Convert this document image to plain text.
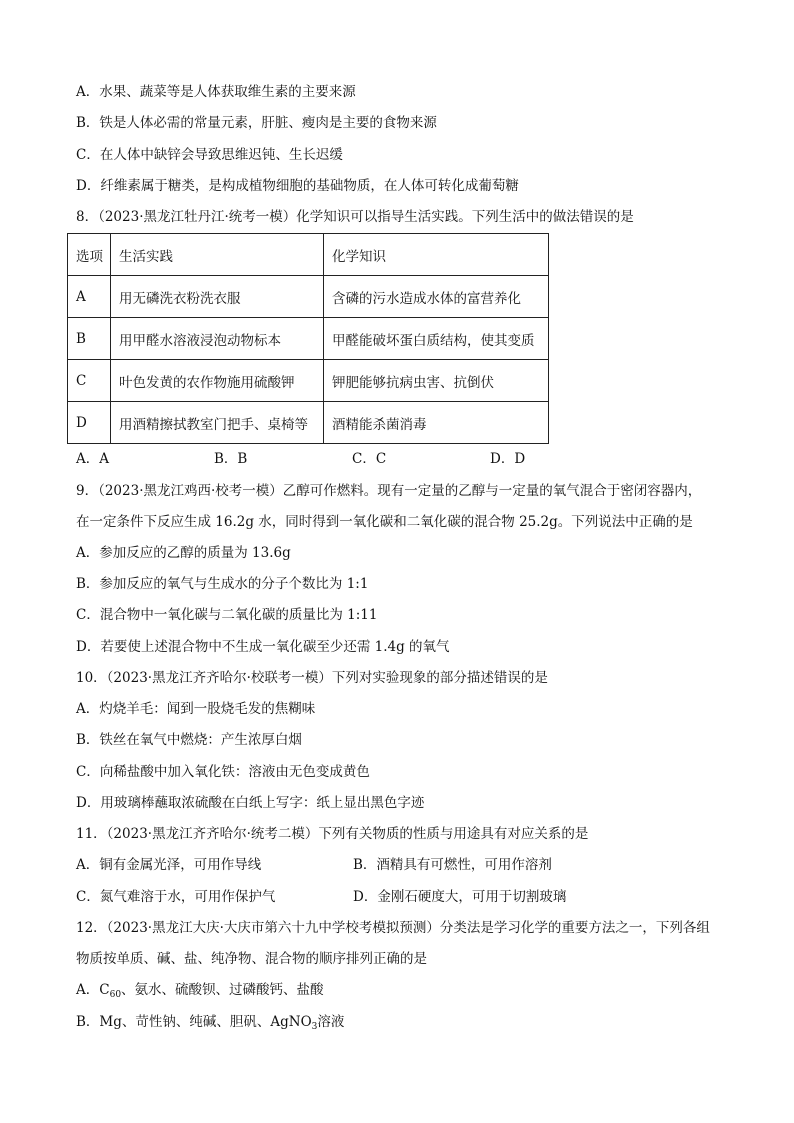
A．水果、蔬菜等是人体获取维生素的主要来源
B．铁是人体必需的常量元素，肝脏、瘦肉是主要的食物来源
C．在人体中缺锌会导致思维迟钝、生长迟缓
D．纤维素属于糖类，是构成植物细胞的基础物质，在人体可转化成葡萄糖
8．（2023·黑龙江牡丹江·统考一模）化学知识可以指导生活实践。下列生活中的做法错误的是
选项	生活实践	化学知识
A	用无磷洗衣粉洗衣服	含磷的污水造成水体的富营养化
B	用甲醛水溶液浸泡动物标本	甲醛能破坏蛋白质结构，使其变质
C	叶色发黄的农作物施用硫酸钾	钾肥能够抗病虫害、抗倒伏
D	用酒精擦拭教室门把手、桌椅等	酒精能杀菌消毒
A．A	B．B	C．C	D．D
9．（2023·黑龙江鸡西·校考一模）乙醇可作燃料。现有一定量的乙醇与一定量的氧气混合于密闭容器内，
在一定条件下反应生成 16.2g 水，同时得到一氧化碳和二氧化碳的混合物 25.2g。下列说法中正确的是
A．参加反应的乙醇的质量为 13.6g
B．参加反应的氧气与生成水的分子个数比为 1:1
C．混合物中一氧化碳与二氧化碳的质量比为 1:11
D．若要使上述混合物中不生成一氧化碳至少还需 1.4g 的氧气
10．（2023·黑龙江齐齐哈尔·校联考一模）下列对实验现象的部分描述错误的是
A．灼烧羊毛：闻到一股烧毛发的焦糊味
B．铁丝在氧气中燃烧：产生浓厚白烟
C．向稀盐酸中加入氧化铁：溶液由无色变成黄色
D．用玻璃棒蘸取浓硫酸在白纸上写字：纸上显出黑色字迹
11．（2023·黑龙江齐齐哈尔·统考二模）下列有关物质的性质与用途具有对应关系的是
A．铜有金属光泽，可用作导线	B．酒精具有可燃性，可用作溶剂
C．氮气难溶于水，可用作保护气	D．金刚石硬度大，可用于切割玻璃
12．（2023·黑龙江大庆·大庆市第六十九中学校考模拟预测）分类法是学习化学的重要方法之一，下列各组
物质按单质、碱、盐、纯净物、混合物的顺序排列正确的是
A．$C_{60}$、氨水、硫酸钡、过磷酸钙、盐酸
B．Mg、苛性钠、纯碱、胆矾、AgNO$_3$溶液
